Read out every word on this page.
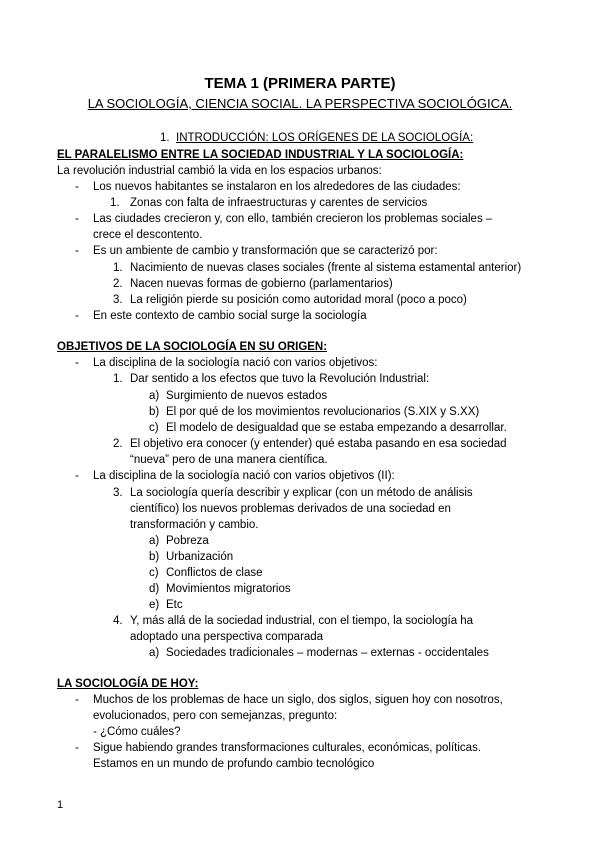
TEMA 1 (PRIMERA PARTE)
LA SOCIOLOGÍA, CIENCIA SOCIAL. LA PERSPECTIVA SOCIOLÓGICA.
1. INTRODUCCIÓN: LOS ORÍGENES DE LA SOCIOLOGÍA:
EL PARALELISMO ENTRE LA SOCIEDAD INDUSTRIAL Y LA SOCIOLOGÍA:
La revolución industrial cambió la vida en los espacios urbanos:
- Los nuevos habitantes se instalaron en los alrededores de las ciudades:
1. Zonas con falta de infraestructuras y carentes de servicios
- Las ciudades crecieron y, con ello, también crecieron los problemas sociales –
crece el descontento.
- Es un ambiente de cambio y transformación que se caracterizó por:
1. Nacimiento de nuevas clases sociales (frente al sistema estamental anterior)
2. Nacen nuevas formas de gobierno (parlamentarios)
3. La religión pierde su posición como autoridad moral (poco a poco)
- En este contexto de cambio social surge la sociología
OBJETIVOS DE LA SOCIOLOGÍA EN SU ORIGEN:
- La disciplina de la sociología nació con varios objetivos:
1. Dar sentido a los efectos que tuvo la Revolución Industrial:
a) Surgimiento de nuevos estados
b) El por qué de los movimientos revolucionarios (S.XIX y S.XX)
c) El modelo de desigualdad que se estaba empezando a desarrollar.
2. El objetivo era conocer (y entender) qué estaba pasando en esa sociedad
“nueva” pero de una manera científica.
- La disciplina de la sociología nació con varios objetivos (II):
3. La sociología quería describir y explicar (con un método de análisis
científico) los nuevos problemas derivados de una sociedad en
transformación y cambio.
a) Pobreza
b) Urbanización
c) Conflictos de clase
d) Movimientos migratorios
e) Etc
4. Y, más allá de la sociedad industrial, con el tiempo, la sociología ha
adoptado una perspectiva comparada
a) Sociedades tradicionales – modernas – externas - occidentales
LA SOCIOLOGÍA DE HOY:
- Muchos de los problemas de hace un siglo, dos siglos, siguen hoy con nosotros,
evolucionados, pero con semejanzas, pregunto:
- ¿Cómo cuáles?
- Sigue habiendo grandes transformaciones culturales, económicas, políticas.
Estamos en un mundo de profundo cambio tecnológico
1
